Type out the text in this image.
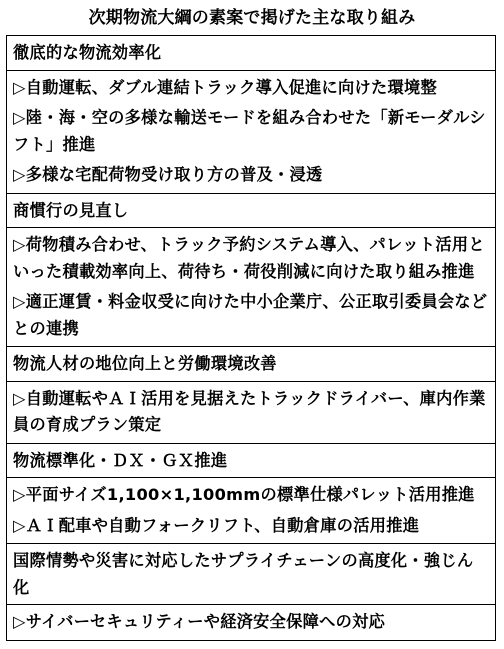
次期物流大綱の素案で掲げた主な取り組み
徹底的な物流効率化
▷自動運転、ダブル連結トラック導入促進に向けた環境整
▷陸・海・空の多様な輸送モードを組み合わせた「新モーダルシフト」推進
▷多様な宅配荷物受け取り方の普及・浸透
商慣行の見直し
▷荷物積み合わせ、トラック予約システム導入、パレット活用といった積載効率向上、荷待ち・荷役削減に向けた取り組み推進
▷適正運賃・料金収受に向けた中小企業庁、公正取引委員会などとの連携
物流人材の地位向上と労働環境改善
▷自動運転やＡＩ活用を見据えたトラックドライバー、庫内作業員の育成プラン策定
物流標準化・ＤＸ・ＧＸ推進
▷平面サイズ1,100×1,100mmの標準仕様パレット活用推進
▷ＡＩ配車や自動フォークリフト、自動倉庫の活用推進
国際情勢や災害に対応したサプライチェーンの高度化・強じん化
▷サイバーセキュリティーや経済安全保障への対応
